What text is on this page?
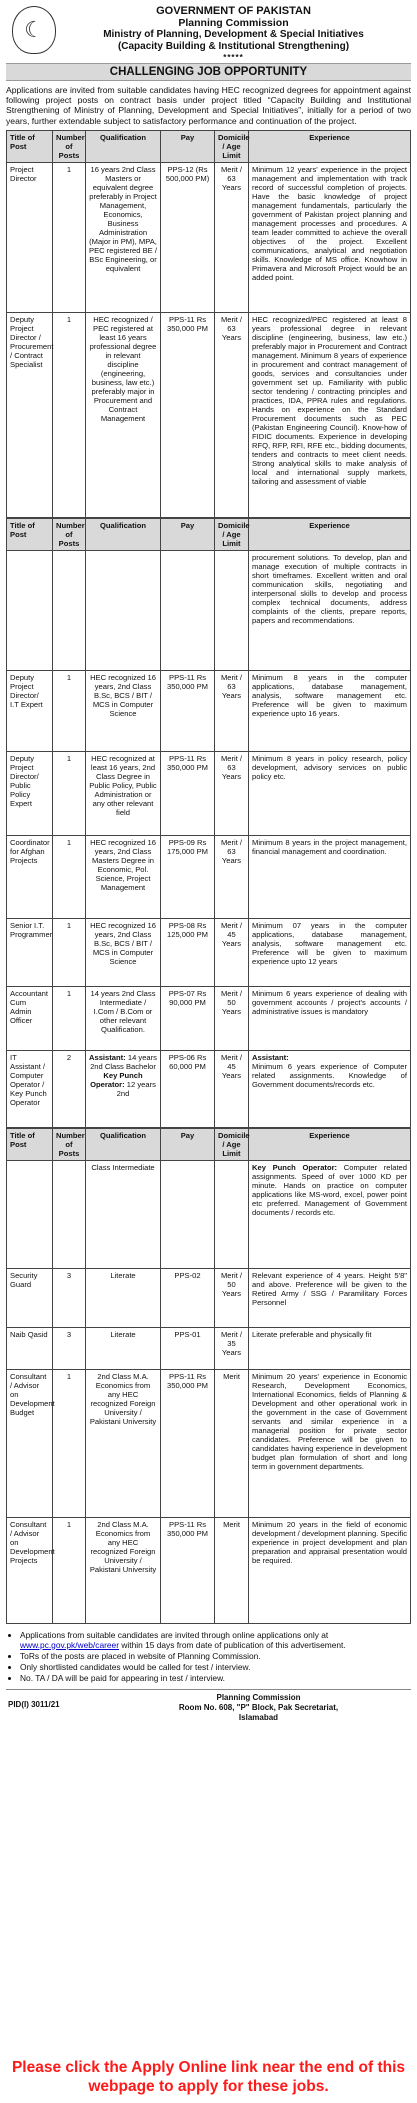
☾
GOVERNMENT OF PAKISTAN
Planning Commission
Ministry of Planning, Development & Special Initiatives
(Capacity Building & Institutional Strengthening)
*****
CHALLENGING JOB OPPORTUNITY

Applications are invited from suitable candidates having HEC recognized degrees for appointment against following project posts on contract basis under project titled “Capacity Building and Institutional Strengthening of Ministry of Planning, Development and Special Initiatives”, initially for a period of two years, further extendable subject to satisfactory performance and continuation of the project.

Title of Post	Number of Posts	Qualification	Pay	Domicile / Age Limit	Experience
Project Director	1	16 years 2nd Class Masters or equivalent degree preferably in Project Management, Economics, Business Administration (Major in PM), MPA, PEC registered BE / BSc Engineering, or equivalent	PPS-12 (Rs 500,000 PM)	Merit / 63 Years	Minimum 12 years' experience in the project management and implementation with track record of successful completion of projects. Have the basic knowledge of project management fundamentals, particularly the government of Pakistan project planning and management processes and procedures. A team leader committed to achieve the overall objectives of the project. Excellent communications, analytical and negotiation skills. Knowledge of MS office. Knowhow in Primavera and Microsoft Project would be an added point.
Deputy Project Director / Procurement / Contract Specialist	1	HEC recognized / PEC registered at least 16 years professional degree in relevant discipline (engineering, business, law etc.) preferably major in Procurement and Contract Management	PPS-11 Rs 350,000 PM	Merit / 63 Years	HEC recognized/PEC registered at least 8 years professional degree in relevant discipline (engineering, business, law etc.) preferably major in Procurement and Contract management. Minimum 8 years of experience in procurement and contract management of goods, services and consultancies under government set up. Familiarity with public sector tendering / contracting principles and practices, IDA, PPRA rules and regulations. Hands on experience on the Standard Procurement documents such as PEC (Pakistan Engineering Council). Know-how of FIDIC documents. Experience in developing RFQ, RFP, RFI, RFE etc., bidding documents, tenders and contracts to meet client needs. Strong analytical skills to make analysis of local and international supply markets, tailoring and assessment of viable
Title of Post	Number of Posts	Qualification	Pay	Domicile / Age Limit	Experience
					procurement solutions. To develop, plan and manage execution of multiple contracts in short timeframes. Excellent written and oral communication skills, negotiating and interpersonal skills to develop and process complex technical documents, address complaints of the clients, prepare reports, papers and recommendations.
Deputy Project Director/ I.T Expert	1	HEC recognized 16 years, 2nd Class B.Sc, BCS / BIT / MCS in Computer Science	PPS-11 Rs 350,000 PM	Merit / 63 Years	Minimum 8 years in the computer applications, database management, analysis, software management etc. Preference will be given to maximum experience upto 16 years.
Deputy Project Director/ Public Policy Expert	1	HEC recognized at least 16 years, 2nd Class Degree in Public Policy, Public Administration or any other relevant field	PPS-11 Rs 350,000 PM	Merit / 63 Years	Minimum 8 years in policy research, policy development, advisory services on public policy etc.
Coordinator for Afghan Projects	1	HEC recognized 16 years, 2nd Class Masters Degree in Economic, Pol. Science, Project Management	PPS-09 Rs 175,000 PM	Merit / 63 Years	Minimum 8 years in the project management, financial management and coordination.
Senior I.T. Programmer	1	HEC recognized 16 years, 2nd Class B.Sc, BCS / BIT / MCS in Computer Science	PPS-08 Rs 125,000 PM	Merit / 45 Years	Minimum 07 years in the computer applications, database management, analysis, software management etc. Preference will be given to maximum experience upto 12 years
Accountant Cum Admin Officer	1	14 years 2nd Class Intermediate / I.Com / B.Com or other relevant Qualification.	PPS-07 Rs 90,000 PM	Merit / 50 Years	Minimum 6 years experience of dealing with government accounts / project's accounts / administrative issues is mandatory
IT Assistant / Computer Operator / Key Punch Operator	2	Assistant: 14 years 2nd Class Bachelor Key Punch Operator: 12 years 2nd	PPS-06 Rs 60,000 PM	Merit / 45 Years	Assistant:
Minimum 6 years experience of Computer related assignments. Knowledge of Government documents/records etc.
Title of Post	Number of Posts	Qualification	Pay	Domicile / Age Limit	Experience
		Class Intermediate			Key Punch Operator: Computer related assignments. Speed of over 1000 KD per minute. Hands on practice on computer applications like MS-word, excel, power point etc preferred. Management of Government documents / records etc.
Security Guard	3	Literate	PPS-02	Merit / 50 Years	Relevant experience of 4 years. Height 5'8" and above. Preference will be given to the Retired Army / SSG / Paramilitary Forces Personnel
Naib Qasid	3	Literate	PPS-01	Merit / 35 Years	Literate preferable and physically fit
Consultant / Advisor on Development Budget	1	2nd Class M.A. Economics from any HEC recognized Foreign University / Pakistani University	PPS-11 Rs 350,000 PM	Merit	Minimum 20 years' experience in Economic Research, Development Economics, International Economics, fields of Planning & Development and other operational work in the government in the case of Government servants and similar experience in a managerial position for private sector candidates. Preference will be given to candidates having experience in development budget plan formulation of short and long term in government departments.
Consultant / Advisor on Development Projects	1	2nd Class M.A. Economics from any HEC recognized Foreign University / Pakistani University	PPS-11 Rs 350,000 PM	Merit	Minimum 20 years in the field of economic development / development planning. Specific experience in project development and plan preparation and appraisal presentation would be required.
• Applications from suitable candidates are invited through online applications only at www.pc.gov.pk/web/career within 15 days from date of publication of this advertisement.
• ToRs of the posts are placed in website of Planning Commission.
• Only shortlisted candidates would be called for test / interview.
• No. TA / DA will be paid for appearing in test / interview.
PID(I) 3011/21
Planning Commission
Room No. 608, "P" Block, Pak Secretariat,
Islamabad
Please click the Apply Online link near the end of this webpage to apply for these jobs.
